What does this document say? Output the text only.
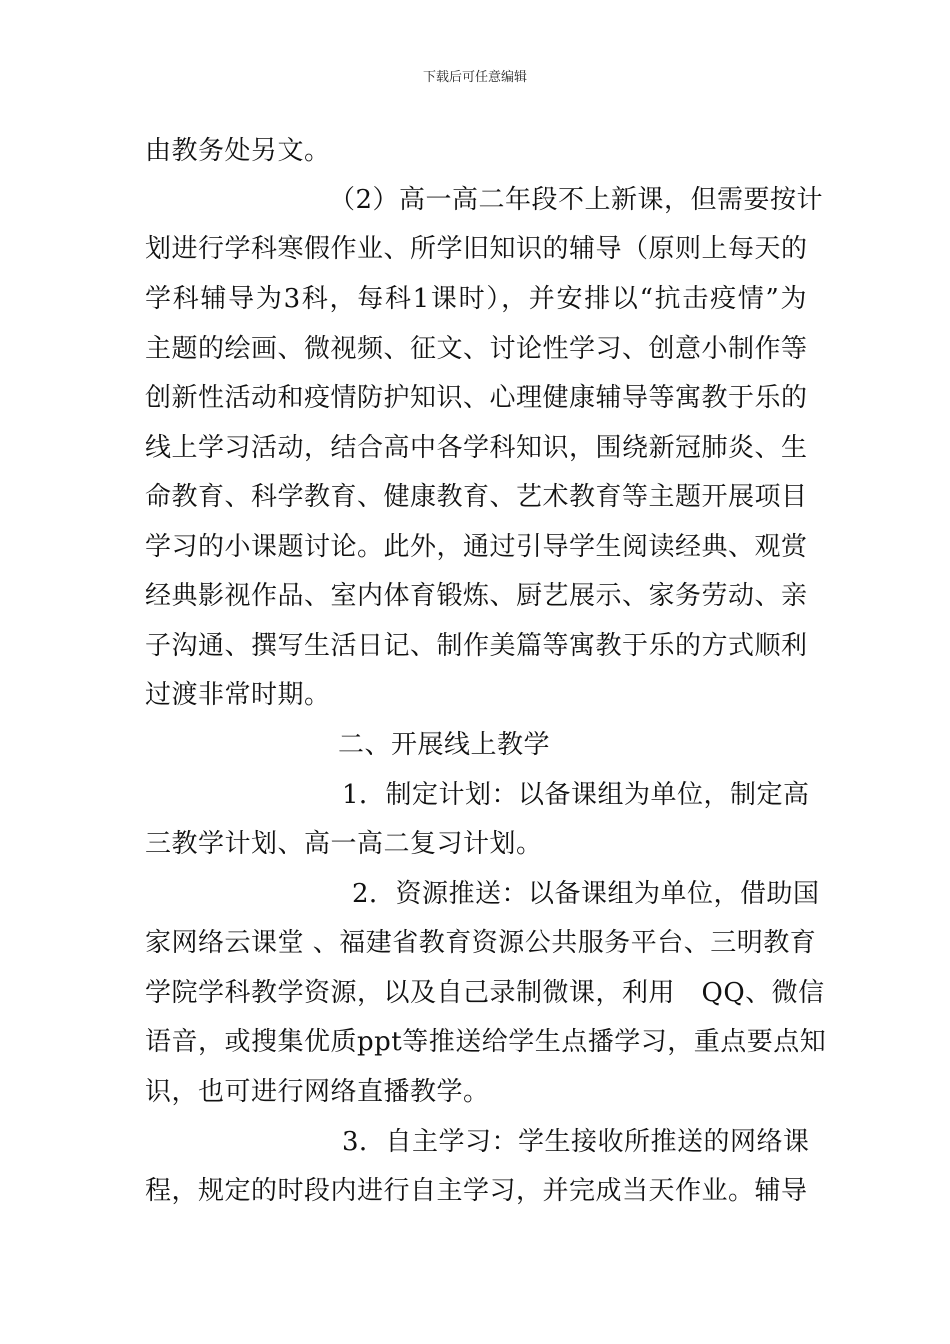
下载后可任意编辑
由教务处另文。
（2）高一高二年段不上新课，但需要按计
划进行学科寒假作业、所学旧知识的辅导（原则上每天的
学科辅导为3科，每科1课时），并安排以“抗击疫情”为
主题的绘画、微视频、征文、讨论性学习、创意小制作等
创新性活动和疫情防护知识、心理健康辅导等寓教于乐的
线上学习活动，结合高中各学科知识，围绕新冠肺炎、生
命教育、科学教育、健康教育、艺术教育等主题开展项目
学习的小课题讨论。此外，通过引导学生阅读经典、观赏
经典影视作品、室内体育锻炼、厨艺展示、家务劳动、亲
子沟通、撰写生活日记、制作美篇等寓教于乐的方式顺利
过渡非常时期。
二、开展线上教学
1．制定计划：以备课组为单位，制定高
三教学计划、高一高二复习计划。
2．资源推送：以备课组为单位，借助国
家网络云课堂 、福建省教育资源公共服务平台、三明教育
学院学科教学资源，以及自己录制微课，利用　QQ、微信
语音，或搜集优质ppt等推送给学生点播学习，重点要点知
识，也可进行网络直播教学。
3．自主学习：学生接收所推送的网络课
程，规定的时段内进行自主学习，并完成当天作业。辅导
